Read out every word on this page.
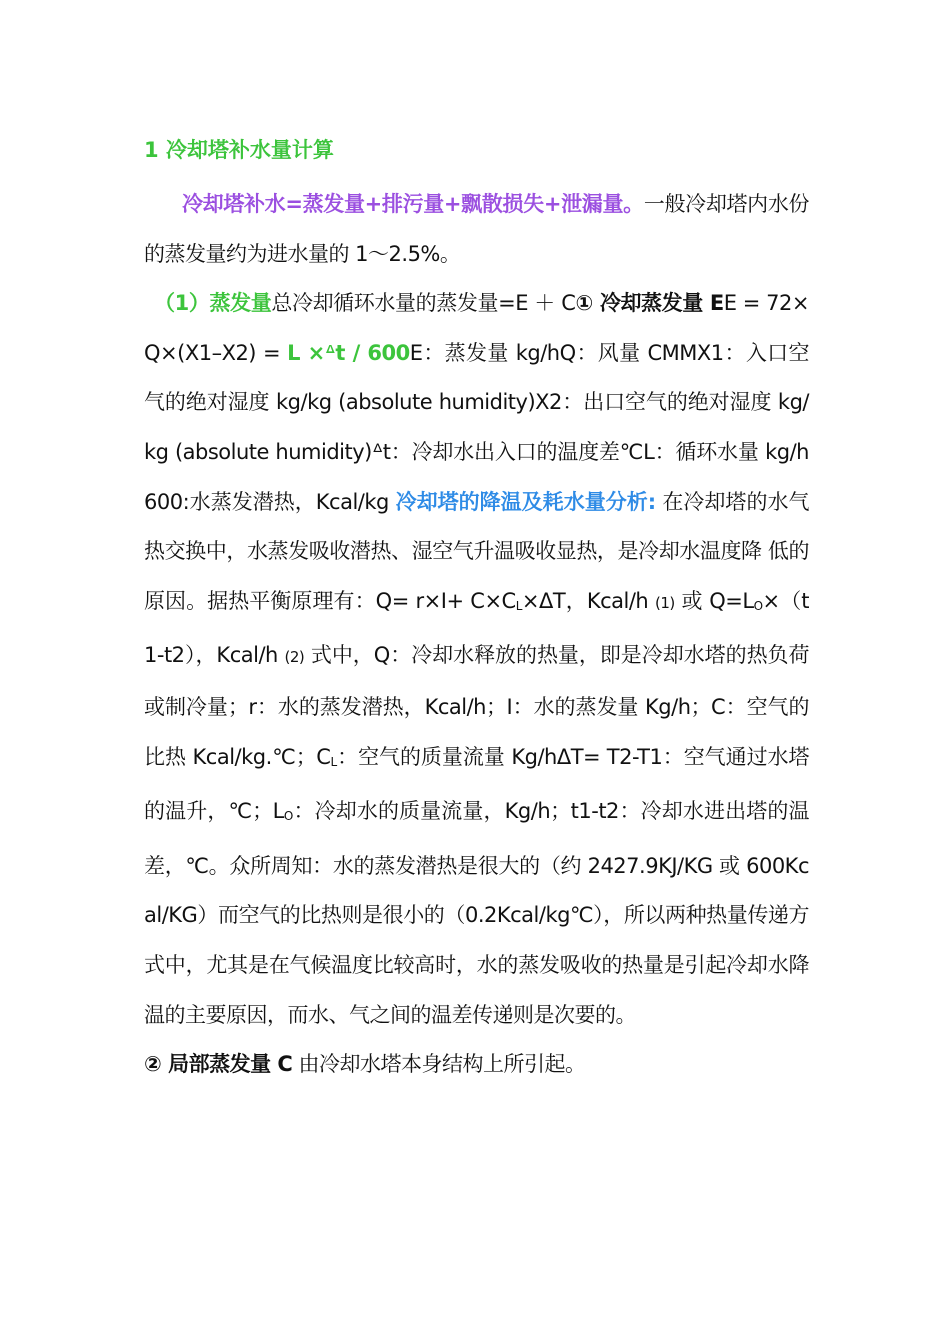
1 冷却塔补水量计算

冷却塔补水=蒸发量+排污量+飘散损失+泄漏量。一般冷却塔内水份的蒸发量约为进水量的 1～2.5%。

（1）蒸发量总冷却循环水量的蒸发量=E ＋ C① 冷却蒸发量 EE = 72×Q×(X1–X2) = L ×ᐞt / 600E：蒸发量 kg/hQ：风量 CMMX1：入口空气的绝对湿度 kg/kg (absolute humidity)X2：出口空气的绝对湿度 kg/kg (absolute humidity)ᐞt：冷却水出入口的温度差℃L：循环水量 kg/h600:水蒸发潜热，Kcal/kg 冷却塔的降温及耗水量分析: 在冷却塔的水气热交换中，水蒸发吸收潜热、湿空气升温吸收显热，是冷却水温度降 低的原因。据热平衡原理有：Q= r×I+ C×CL×ΔT，Kcal/h (1) 或 Q=LO×（t1-t2），Kcal/h (2) 式中，Q：冷却水释放的热量，即是冷却水塔的热负荷或制冷量；r：水的蒸发潜热，Kcal/h；I：水的蒸发量 Kg/h；C：空气的比热 Kcal/kg.℃；CL：空气的质量流量 Kg/hΔT= T2-T1：空气通过水塔的温升，℃；LO：冷却水的质量流量，Kg/h；t1-t2：冷却水进出塔的温差，℃。众所周知：水的蒸发潜热是很大的（约 2427.9KJ/KG 或 600Kcal/KG）而空气的比热则是很小的（0.2Kcal/kg℃），所以两种热量传递方式中，尤其是在气候温度比较高时，水的蒸发吸收的热量是引起冷却水降温的主要原因，而水、气之间的温差传递则是次要的。

② 局部蒸发量 C 由冷却水塔本身结构上所引起。
